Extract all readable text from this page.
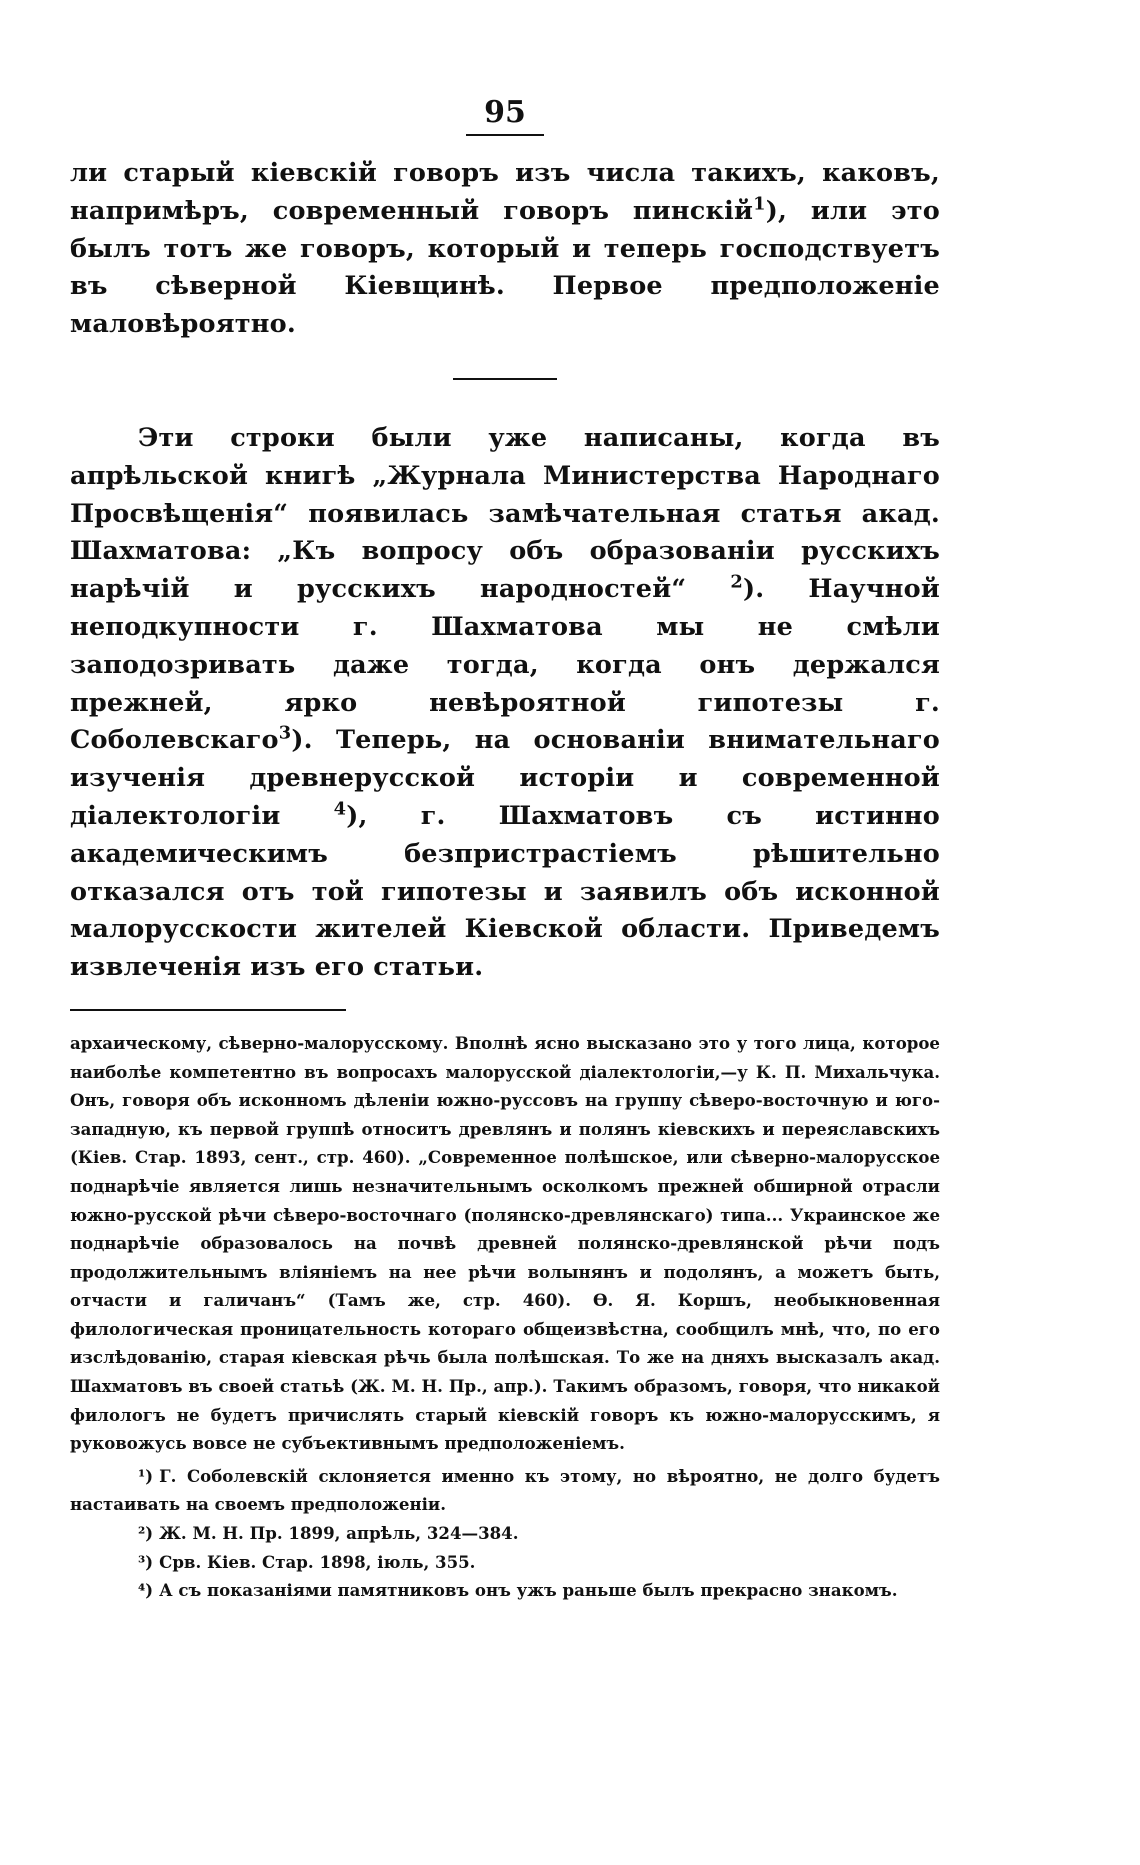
95

ли старый кіевскій говоръ изъ числа такихъ, каковъ, напримѣръ, современный говоръ пинскій$^1$), или это былъ тотъ же говоръ, который и теперь господствуетъ въ сѣверной Кіевщинѣ. Первое предположеніе маловѣроятно.

Эти строки были уже написаны, когда въ апрѣльской книгѣ „Журнала Министерства Народнаго Просвѣщенія“ появилась замѣчательная статья акад. Шахматова: „Къ вопросу объ образованіи русскихъ нарѣчій и русскихъ народностей“ $^2$). Научной неподкупности г. Шахматова мы не смѣли заподозривать даже тогда, когда онъ держался прежней, ярко невѣроятной гипотезы г. Соболевскаго$^3$). Теперь, на основаніи внимательнаго изученія древнерусской исторіи и современной діалектологіи $^4$), г. Шахматовъ съ истинно академическимъ безпристрастіемъ рѣшительно отказался отъ той гипотезы и заявилъ объ исконной малорусскости жителей Кіевской области. Приведемъ извлеченія изъ его статьи.

архаическому, сѣверно-малорусскому. Вполнѣ ясно высказано это у того лица, которое наиболѣе компетентно въ вопросахъ малорусской діалектологіи,—у К. П. Михальчука. Онъ, говоря объ исконномъ дѣленіи южно-руссовъ на группу сѣверо-восточную и юго-западную, къ первой группѣ относитъ древлянъ и полянъ кіевскихъ и переяславскихъ (Кіев. Стар. 1893, сент., стр. 460). „Современное полѣшское, или сѣверно-малорусское поднарѣчіе является лишь незначительнымъ осколкомъ прежней обширной отрасли южно-русской рѣчи сѣверо-восточнаго (полянско-древлянскаго) типа... Украинское же поднарѣчіе образовалось на почвѣ древней полянско-древлянской рѣчи подъ продолжительнымъ вліяніемъ на нее рѣчи волынянъ и подолянъ, а можетъ быть, отчасти и галичанъ“ (Тамъ же, стр. 460). Ѳ. Я. Коршъ, необыкновенная филологическая проницательность котораго общеизвѣстна, сообщилъ мнѣ, что, по его изслѣдованію, старая кіевская рѣчь была полѣшская. То же на дняхъ высказалъ акад. Шахматовъ въ своей статьѣ (Ж. М. Н. Пр., апр.). Такимъ образомъ, говоря, что никакой филологъ не будетъ причислять старый кіевскій говоръ къ южно-малорусскимъ, я руковожусь вовсе не субъективнымъ предположеніемъ.

¹) Г. Соболевскій склоняется именно къ этому, но вѣроятно, не долго будетъ настаивать на своемъ предположеніи.

²) Ж. М. Н. Пр. 1899, апрѣль, 324—384.

³) Срв. Кіев. Стар. 1898, іюль, 355.

⁴) А съ показаніями памятниковъ онъ ужъ раньше былъ прекрасно знакомъ.
